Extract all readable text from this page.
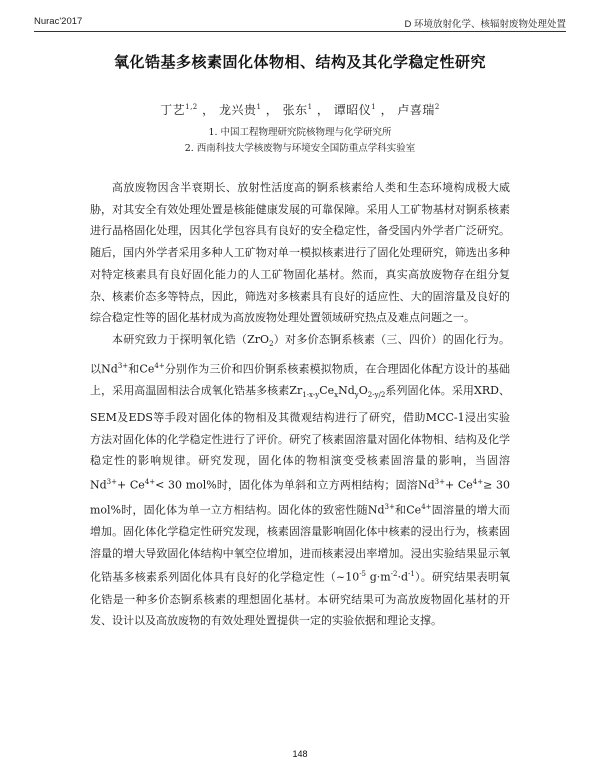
Nurac'2017	D 环境放射化学、核辐射废物处理处置
氧化锆基多核素固化体物相、结构及其化学稳定性研究
丁艺$^{1,2}$ ， 龙兴贵$^1$ ， 张东$^1$ ， 谭昭仪$^1$ ， 卢喜瑞$^2$
1. 中国工程物理研究院核物理与化学研究所
2. 西南科技大学核废物与环境安全国防重点学科实验室

高放废物因含半衰期长、放射性活度高的锕系核素给人类和生态环境构成极大威胁，对其安全有效处理处置是核能健康发展的可靠保障。采用人工矿物基材对锕系核素进行晶格固化处理，因其化学包容具有良好的安全稳定性，备受国内外学者广泛研究。随后，国内外学者采用多种人工矿物对单一模拟核素进行了固化处理研究，筛选出多种对特定核素具有良好固化能力的人工矿物固化基材。然而，真实高放废物存在组分复杂、核素价态多等特点，因此，筛选对多核素具有良好的适应性、大的固溶量及良好的综合稳定性等的固化基材成为高放废物处理处置领域研究热点及难点问题之一。

本研究致力于探明氧化锆（ZrO$_2$）对多价态锕系核素（三、四价）的固化行为。以$Nd^{3+}$和$Ce^{4+}$分别作为三价和四价锕系核素模拟物质，在合理固化体配方设计的基础上，采用高温固相法合成氧化锆基多核素$Zr_{1-x-y}Ce_xNd_yO_{2-y/2}$系列固化体。采用XRD、SEM及EDS等手段对固化体的物相及其微观结构进行了研究，借助MCC-1浸出实验方法对固化体的化学稳定性进行了评价。研究了核素固溶量对固化体物相、结构及化学稳定性的影响规律。研究发现，固化体的物相演变受核素固溶量的影响，当固溶$Nd^{3+}+ Ce^{4+}< 30$ mol%时，固化体为单斜和立方两相结构；固溶$Nd^{3+}+ Ce^{4+}\ge 30$ mol%时，固化体为单一立方相结构。固化体的致密性随$Nd^{3+}$和$Ce^{4+}$固溶量的增大而增加。固化体化学稳定性研究发现，核素固溶量影响固化体中核素的浸出行为，核素固溶量的增大导致固化体结构中氧空位增加，进而核素浸出率增加。浸出实验结果显示氧化锆基多核素系列固化体具有良好的化学稳定性（$\sim 10^{-5}$ $g\cdot m^{-2}\cdot d^{-1}$）。研究结果表明氧化锆是一种多价态锕系核素的理想固化基材。本研究结果可为高放废物固化基材的开发、设计以及高放废物的有效处理处置提供一定的实验依据和理论支撑。

148
